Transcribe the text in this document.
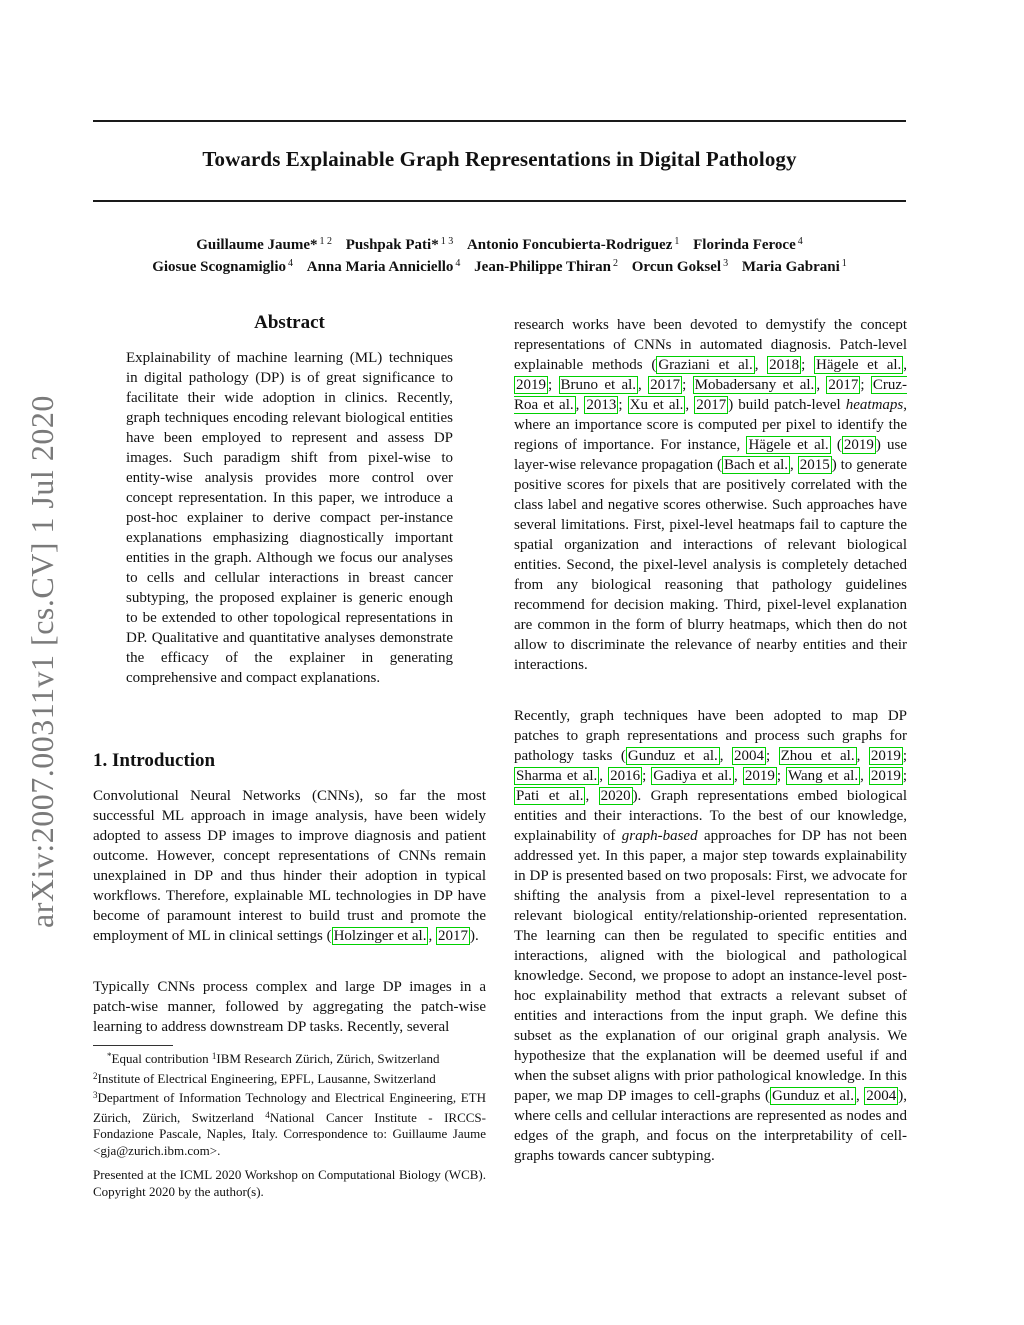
arXiv:2007.00311v1 [cs.CV] 1 Jul 2020
Towards Explainable Graph Representations in Digital Pathology
Guillaume Jaume* $^{1 2}$ Pushpak Pati* $^{1 3}$ Antonio Foncubierta-Rodriguez $^1$ Florinda Feroce $^4$
Giosue Scognamiglio $^4$ Anna Maria Anniciello $^4$ Jean-Philippe Thiran $^2$ Orcun Goksel $^3$ Maria Gabrani $^1$
Abstract
Explainability of machine learning (ML) techniques in digital pathology (DP) is of great significance to facilitate their wide adoption in clinics. Recently, graph techniques encoding relevant biological entities have been employed to represent and assess DP images. Such paradigm shift from pixel-wise to entity-wise analysis provides more control over concept representation. In this paper, we introduce a post-hoc explainer to derive compact per-instance explanations emphasizing diagnostically important entities in the graph. Although we focus our analyses to cells and cellular interactions in breast cancer subtyping, the proposed explainer is generic enough to be extended to other topological representations in DP. Qualitative and quantitative analyses demonstrate the efficacy of the explainer in generating comprehensive and compact explanations.
1. Introduction

Convolutional Neural Networks (CNNs), so far the most successful ML approach in image analysis, have been widely adopted to assess DP images to improve diagnosis and patient outcome. However, concept representations of CNNs remain unexplained in DP and thus hinder their adoption in typical workflows. Therefore, explainable ML technologies in DP have become of paramount interest to build trust and promote the employment of ML in clinical settings ( Holzinger et al. , 2017 ).

Typically CNNs process complex and large DP images in a patch-wise manner, followed by aggregating the patch-wise learning to address downstream DP tasks. Recently, several

*Equal contribution $^1$IBM Research Zürich, Zürich, Switzerland
$^2$Institute of Electrical Engineering, EPFL, Lausanne, Switzerland
$^3$Department of Information Technology and Electrical Engineering, ETH Zürich, Zürich, Switzerland $^4$National Cancer Institute - IRCCS-Fondazione Pascale, Naples, Italy. Correspondence to: Guillaume Jaume <gja@zurich.ibm.com>.
Presented at the ICML 2020 Workshop on Computational Biology (WCB). Copyright 2020 by the author(s).

research works have been devoted to demystify the concept representations of CNNs in automated diagnosis. Patch-level explainable methods ( Graziani et al. , 2018 ; Hägele et al. , 2019 ; Bruno et al. , 2017 ; Mobadersany et al. , 2017 ; Cruz-Roa et al. , 2013 ; Xu et al. , 2017 ) build patch-level heatmaps, where an importance score is computed per pixel to identify the regions of importance. For instance, Hägele et al. ( 2019 ) use layer-wise relevance propagation ( Bach et al. , 2015 ) to generate positive scores for pixels that are positively correlated with the class label and negative scores otherwise. Such approaches have several limitations. First, pixel-level heatmaps fail to capture the spatial organization and interactions of relevant biological entities. Second, the pixel-level analysis is completely detached from any biological reasoning that pathology guidelines recommend for decision making. Third, pixel-level explanation are common in the form of blurry heatmaps, which then do not allow to discriminate the relevance of nearby entities and their interactions.

Recently, graph techniques have been adopted to map DP patches to graph representations and process such graphs for pathology tasks ( Gunduz et al. , 2004 ; Zhou et al. , 2019 ; Sharma et al. , 2016 ; Gadiya et al. , 2019 ; Wang et al. , 2019 ; Pati et al. , 2020 ). Graph representations embed biological entities and their interactions. To the best of our knowledge, explainability of graph-based approaches for DP has not been addressed yet. In this paper, a major step towards explainability in DP is presented based on two proposals: First, we advocate for shifting the analysis from a pixel-level representation to a relevant biological entity/relationship-oriented representation. The learning can then be regulated to specific entities and interactions, aligned with the biological and pathological knowledge. Second, we propose to adopt an instance-level post-hoc explainability method that extracts a relevant subset of entities and interactions from the input graph. We define this subset as the explanation of our original graph analysis. We hypothesize that the explanation will be deemed useful if and when the subset aligns with prior pathological knowledge. In this paper, we map DP images to cell-graphs ( Gunduz et al. , 2004 ), where cells and cellular interactions are represented as nodes and edges of the graph, and focus on the interpretability of cell-graphs towards cancer subtyping.
